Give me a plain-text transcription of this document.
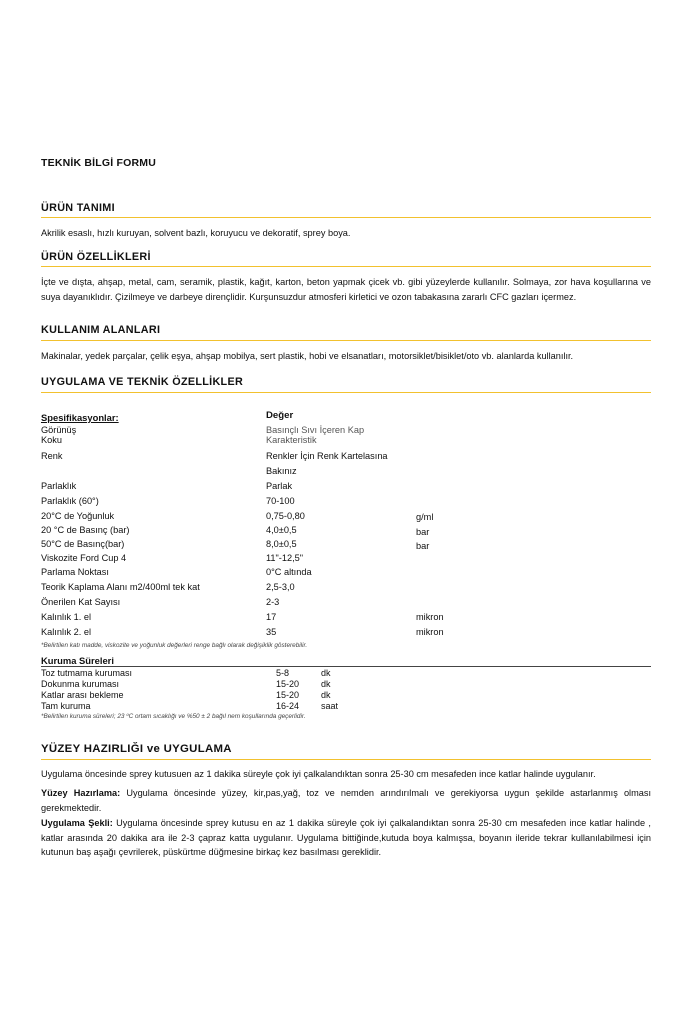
TEKNİK BİLGİ FORMU
ÜRÜN TANIMI
Akrilik esaslı, hızlı kuruyan, solvent bazlı, koruyucu ve dekoratif, sprey boya.
ÜRÜN ÖZELLİKLERİ
İçte ve dışta, ahşap, metal, cam, seramik, plastik, kağıt, karton, beton yapmak çicek vb. gibi yüzeylerde kullanılır. Solmaya, zor hava koşullarına ve suya dayanıklıdır. Çizilmeye ve darbeye dirençlidir. Kurşunsuzdur atmosferi kirletici ve ozon tabakasına zararlı CFC gazları içermez.
KULLANIM ALANLARI
Makinalar, yedek parçalar, çelik eşya, ahşap mobilya, sert plastik, hobi ve elsanatları, motorsiklet/bisiklet/oto vb. alanlarda kullanılır.
UYGULAMA VE TEKNİK ÖZELLİKLER
Spesifikasyonlar:	Değer
Görünüş	Basınçlı Sıvı İçeren Kap
Koku	Karakteristik
Renk	Renkler İçin Renk Kartelasına
Bakınız
Parlaklık	Parlak
Parlaklık (60°)	70-100
20°C de Yoğunluk	0,75-0,80	g/ml
20 °C de Basınç (bar)	4,0±0,5	bar
50°C de Basınç(bar)	8,0±0,5	bar
Viskozite Ford Cup 4	11"-12,5"
Parlama Noktası	0°C altında
Teorik Kaplama Alanı m2/400ml tek kat	2,5-3,0
Önerilen Kat Sayısı	2-3
Kalınlık 1. el	17	mikron
Kalınlık 2. el	35	mikron
*Belirtilen katı madde, viskozite ve yoğunluk değerleri renge bağlı olarak değişiklik gösterebilir.
Kuruma Süreleri
Toz tutmama kuruması	5-8	dk
Dokunma kuruması	15-20 dk
Katlar arası bekleme	15-20 dk
Tam kuruma	16-24 saat
*Belirtilen kuruma süreleri; 23 ºC ortam sıcaklığı ve %50 ± 2 bağıl nem koşullarında geçerlidir.
YÜZEY HAZIRLIĞI ve UYGULAMA
Uygulama öncesinde sprey kutusuen az 1 dakika süreyle çok iyi çalkalandıktan sonra 25-30 cm mesafeden ince katlar halinde uygulanır.
Yüzey Hazırlama: Uygulama öncesinde yüzey, kir,pas,yağ, toz ve nemden arındırılmalı ve gerekiyorsa uygun şekilde astarlanmış olması gerekmektedir.
Uygulama Şekli: Uygulama öncesinde sprey kutusu en az 1 dakika süreyle çok iyi çalkalandıktan sonra 25-30 cm mesafeden ince katlar halinde , katlar arasında 20 dakika ara ile 2-3 çapraz katta uygulanır. Uygulama bittiğinde,kutuda boya kalmışsa, boyanın ileride tekrar kullanılabilmesi için kutunun baş aşağı çevrilerek, püskürtme düğmesine birkaç kez basılması gereklidir.
